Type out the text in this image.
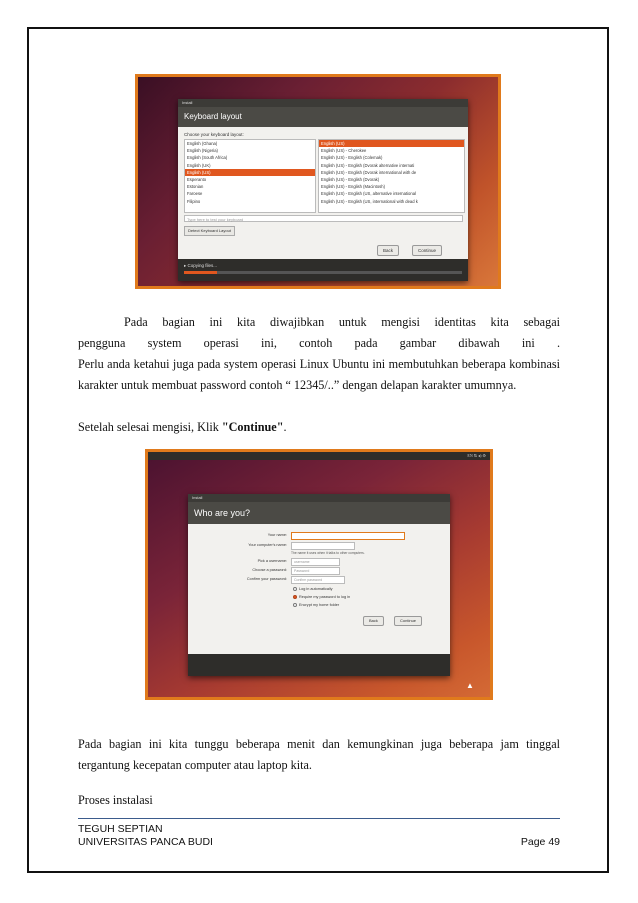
Install
Keyboard layout
Choose your keyboard layout:
English (Ghana)
English (Nigeria)
English (South Africa)
English (UK)
English (US)
Esperanto
Estonian
Faroese
Filipino
English (US)
English (US) - Cherokee
English (US) - English (Colemak)
English (US) - English (Dvorak alternative internati
English (US) - English (Dvorak international with de
English (US) - English (Dvorak)
English (US) - English (Macintosh)
English (US) - English (US, alternative international
English (US) - English (US, international with dead k
Type here to test your keyboard
Detect Keyboard Layout
Back	Continue
▸ Copying files...

Pada bagian ini kita diwajibkan untuk mengisi identitas kita sebagai

pengguna system operasi ini, contoh pada gambar dibawah ini .

Perlu anda ketahui juga pada system operasi Linux Ubuntu ini membutuhkan beberapa kombinasi karakter untuk membuat password contoh “ 12345/..” dengan delapan karakter umumnya.

Setelah selesai mengisi, Klik "Continue".
EN ⇅ ◂) ⚙
Install
Who are you?
Your name:
Your computer's name:
Pick a username:	username
Choose a password:	Password
Confirm your password:	Confirm password
The name it uses when it talks to other computers.
Log in automatically
Require my password to log in
Encrypt my home folder
Back	Continue
▲
Pada bagian ini kita tunggu beberapa menit dan kemungkinan juga beberapa jam tinggal tergantung kecepatan computer atau laptop kita.
Proses instalasi
TEGUH SEPTIAN
UNIVERSITAS PANCA BUDI	Page 49
